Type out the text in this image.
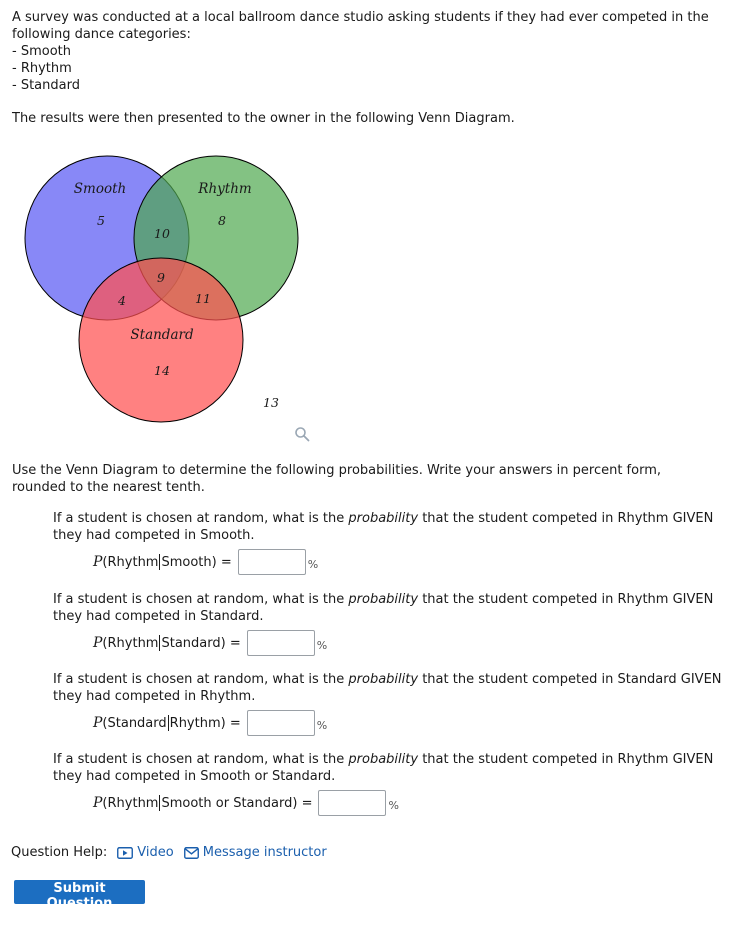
A survey was conducted at a local ballroom dance studio asking students if they had ever competed in the following dance categories:

- Smooth
- Rhythm
- Standard

The results were then presented to the owner in the following Venn Diagram.

Smooth	Rhythm
Standard
5
10
8
9
4	11
14
13

Use the Venn Diagram to determine the following probabilities. Write your answers in percent form, rounded to the nearest tenth.

If a student is chosen at random, what is the probability that the student competed in Rhythm GIVEN they had competed in Smooth.

P ( Rhythm Smooth )
=	%

If a student is chosen at random, what is the probability that the student competed in Rhythm GIVEN they had competed in Standard.

P ( Rhythm Standard )
=	%

If a student is chosen at random, what is the probability that the student competed in Standard GIVEN they had competed in Rhythm.

P ( Standard Rhythm )
=	%

If a student is chosen at random, what is the probability that the student competed in Rhythm GIVEN they had competed in Smooth or Standard.

P ( Rhythm Smooth or Standard )
=	%
Question Help: Video Message instructor
Submit Question
